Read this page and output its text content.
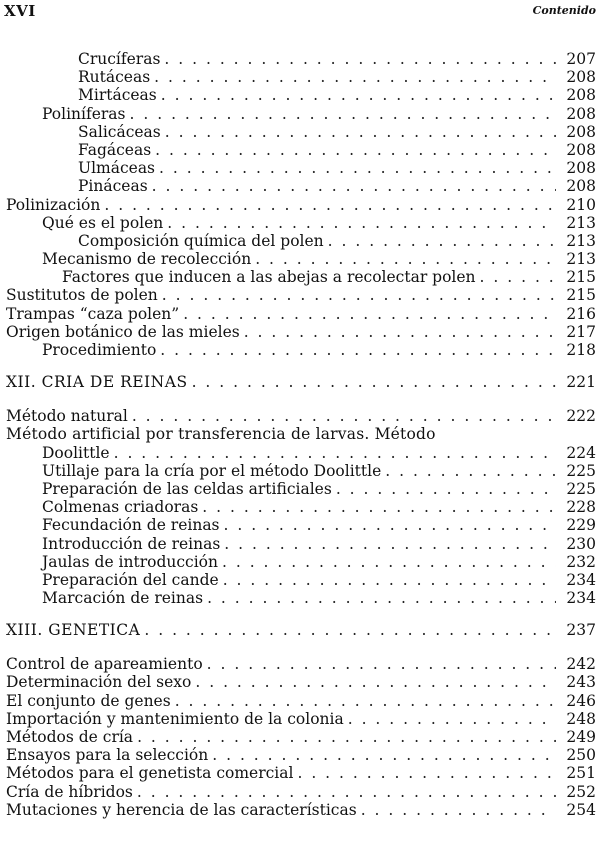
XVI	Contenido
Crucíferas . . .	207
Rutáceas . . .	208
Mirtáceas . . .	208
Poliníferas . . .	208
Salicáceas . . .	208
Fagáceas . . .	208
Ulmáceas . . .	208
Pináceas . . .	208
Polinización . . .	210
Qué es el polen . . .	213
Composición química del polen . . .	213
Mecanismo de recolección . . .	213
Factores que inducen a las abejas a recolectar polen . . .	215
Sustitutos de polen . . .	215
Trampas “caza polen” . . .	216
Origen botánico de las mieles . . .	217
Procedimiento . . .	218
XII. CRIA DE REINAS . . .	221
Método natural . . .	222
Método artificial por transferencia de larvas. Método
Doolittle . . .	224
Utillaje para la cría por el método Doolittle . . .	225
Preparación de las celdas artificiales . . .	225
Colmenas criadoras . . .	228
Fecundación de reinas . . .	229
Introducción de reinas . . .	230
Jaulas de introducción . . .	232
Preparación del cande . . .	234
Marcación de reinas . . .	234
XIII. GENETICA . . .	237
Control de apareamiento . . .	242
Determinación del sexo . . .	243
El conjunto de genes . . .	246
Importación y mantenimiento de la colonia . . .	248
Métodos de cría . . .	249
Ensayos para la selección . . .	250
Métodos para el genetista comercial . . .	251
Cría de híbridos . . .	252
Mutaciones y herencia de las características . . .	254
